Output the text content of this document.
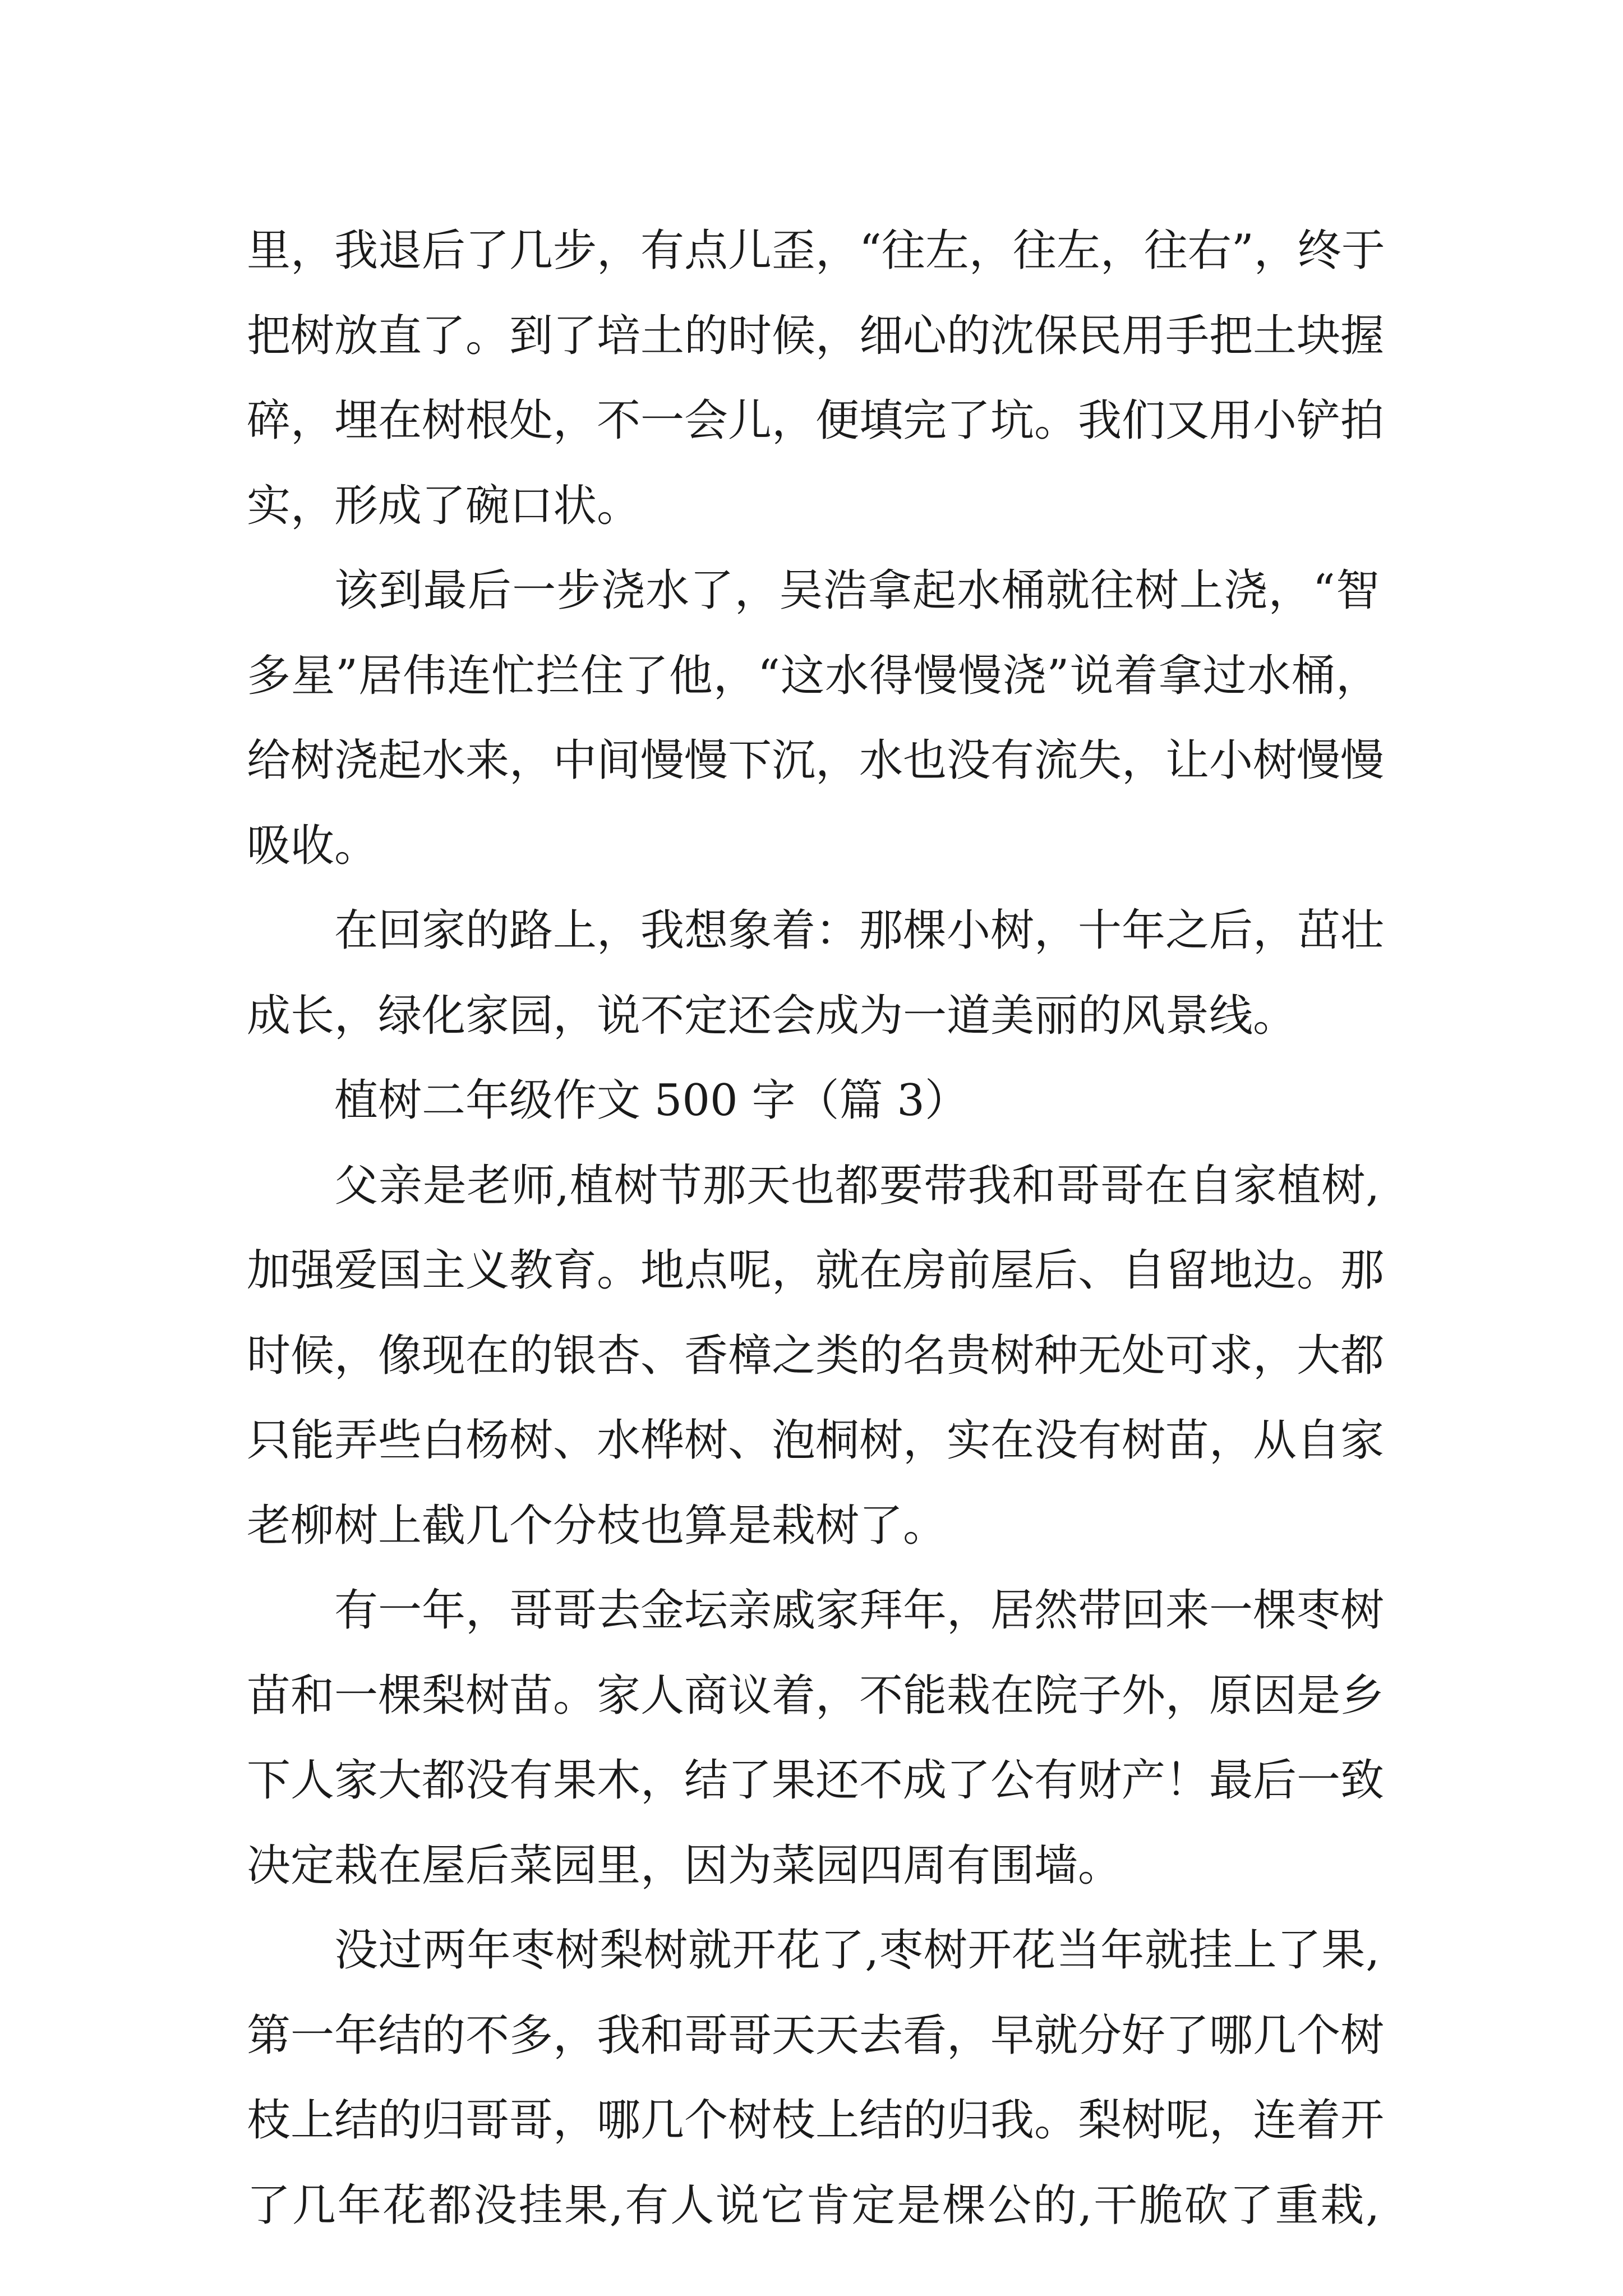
里，我退后了几步，有点儿歪，“往左，往左，往右”，终于
把树放直了。到了培土的时候，细心的沈保民用手把土块握
碎，埋在树根处，不一会儿，便填完了坑。我们又用小铲拍
实，形成了碗口状。
该到最后一步浇水了，吴浩拿起水桶就往树上浇，“智
多星”居伟连忙拦住了他，“这水得慢慢浇”说着拿过水桶，
给树浇起水来，中间慢慢下沉，水也没有流失，让小树慢慢
吸收。
在回家的路上，我想象着：那棵小树，十年之后，茁壮
成长，绿化家园，说不定还会成为一道美丽的风景线。
植树二年级作文 500 字（篇 3）
父亲是老师,植树节那天也都要带我和哥哥在自家植树,
加强爱国主义教育。地点呢，就在房前屋后、自留地边。那
时候，像现在的银杏、香樟之类的名贵树种无处可求，大都
只能弄些白杨树、水桦树、泡桐树，实在没有树苗，从自家
老柳树上截几个分枝也算是栽树了。
有一年，哥哥去金坛亲戚家拜年，居然带回来一棵枣树
苗和一棵梨树苗。家人商议着，不能栽在院子外，原因是乡
下人家大都没有果木，结了果还不成了公有财产！最后一致
决定栽在屋后菜园里，因为菜园四周有围墙。
没过两年枣树梨树就开花了,枣树开花当年就挂上了果,
第一年结的不多，我和哥哥天天去看，早就分好了哪几个树
枝上结的归哥哥，哪几个树枝上结的归我。梨树呢，连着开
了几年花都没挂果,有人说它肯定是棵公的,干脆砍了重栽,
